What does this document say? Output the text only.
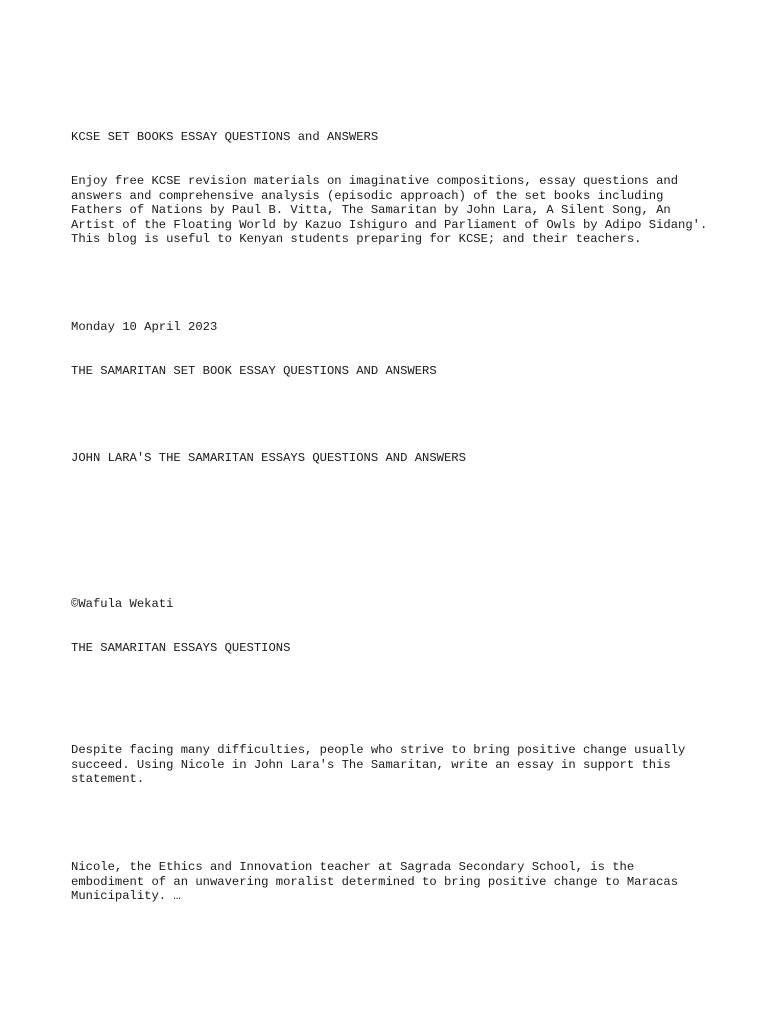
KCSE SET BOOKS ESSAY QUESTIONS and ANSWERS

Enjoy free KCSE revision materials on imaginative compositions, essay questions and answers and comprehensive analysis (episodic approach) of the set books including Fathers of Nations by Paul B. Vitta, The Samaritan by John Lara, A Silent Song, An Artist of the Floating World by Kazuo Ishiguro and Parliament of Owls by Adipo Sidang'. This blog is useful to Kenyan students preparing for KCSE; and their teachers.

Monday 10 April 2023

THE SAMARITAN SET BOOK ESSAY QUESTIONS AND ANSWERS

JOHN LARA'S THE SAMARITAN ESSAYS QUESTIONS AND ANSWERS

©Wafula Wekati

THE SAMARITAN ESSAYS QUESTIONS

Despite facing many difficulties, people who strive to bring positive change usually succeed. Using Nicole in John Lara's The Samaritan, write an essay in support this statement.

Nicole, the Ethics and Innovation teacher at Sagrada Secondary School, is the embodiment of an unwavering moralist determined to bring positive change to Maracas Municipality. …
